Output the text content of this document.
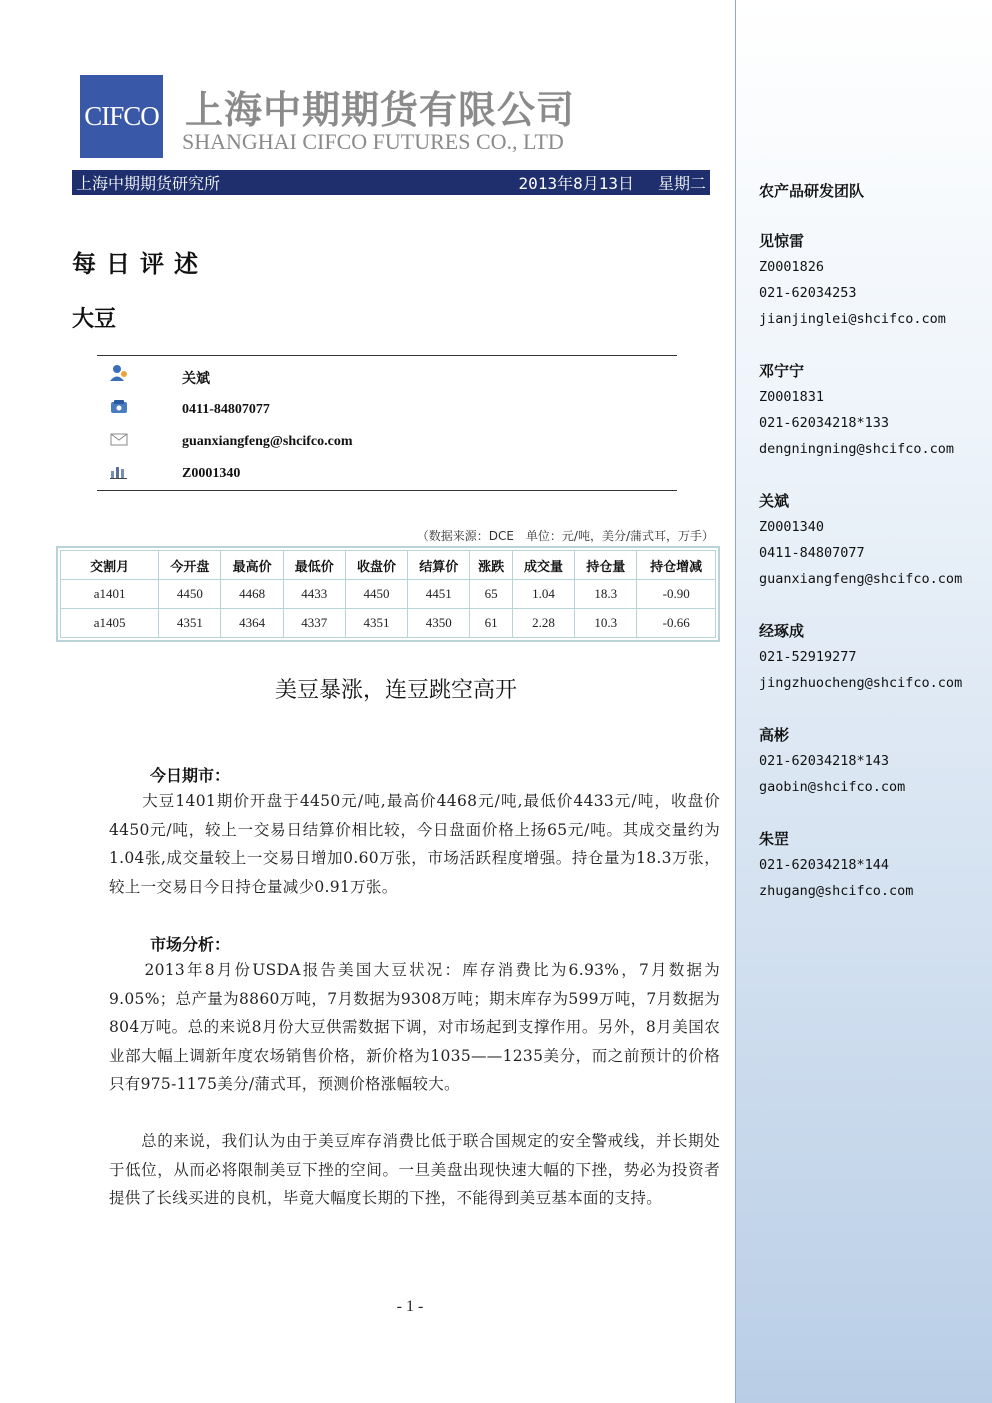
CIFCO 上海中期期货有限公司
SHANGHAI CIFCO FUTURES CO., LTD
上海中期期货研究所	2013年8月13日 星期二
每日评述
大豆
关斌
0411-84807077
guanxiangfeng@shcifco.com
Z0001340
（数据来源：DCE　单位：元/吨，美分/蒲式耳，万手）
交割月	今开盘	最高价	最低价	收盘价	结算价	涨跌	成交量	持仓量	持仓增减
a1401	4450	4468	4433	4450	4451	65	1.04	18.3	-0.90
a1405	4351	4364	4337	4351	4350	61	2.28	10.3	-0.66
美豆暴涨，连豆跳空高开
今日期市：
　　大豆1401期价开盘于4450元/吨,最高价4468元/吨,最低价4433元/吨，收盘价4450元/吨，较上一交易日结算价相比较，今日盘面价格上扬65元/吨。其成交量约为1.04张,成交量较上一交易日增加0.60万张，市场活跃程度增强。持仓量为18.3万张，较上一交易日今日持仓量减少0.91万张。
市场分析：
　　2013年8月份USDA报告美国大豆状况：库存消费比为6.93%，7月数据为9.05%；总产量为8860万吨，7月数据为9308万吨；期末库存为599万吨，7月数据为804万吨。总的来说8月份大豆供需数据下调，对市场起到支撑作用。另外，8月美国农业部大幅上调新年度农场销售价格，新价格为1035——1235美分，而之前预计的价格只有975-1175美分/蒲式耳，预测价格涨幅较大。
　　总的来说，我们认为由于美豆库存消费比低于联合国规定的安全警戒线，并长期处于低位，从而必将限制美豆下挫的空间。一旦美盘出现快速大幅的下挫，势必为投资者提供了长线买进的良机，毕竟大幅度长期的下挫，不能得到美豆基本面的支持。
- 1 -
农产品研发团队
见惊雷
Z0001826
021-62034253
jianjinglei@shcifco.com
邓宁宁
Z0001831
021-62034218*133
dengningning@shcifco.com
关斌
Z0001340
0411-84807077
guanxiangfeng@shcifco.com
经琢成
021-52919277
jingzhuocheng@shcifco.com
高彬
021-62034218*143
gaobin@shcifco.com
朱罡
021-62034218*144
zhugang@shcifco.com
